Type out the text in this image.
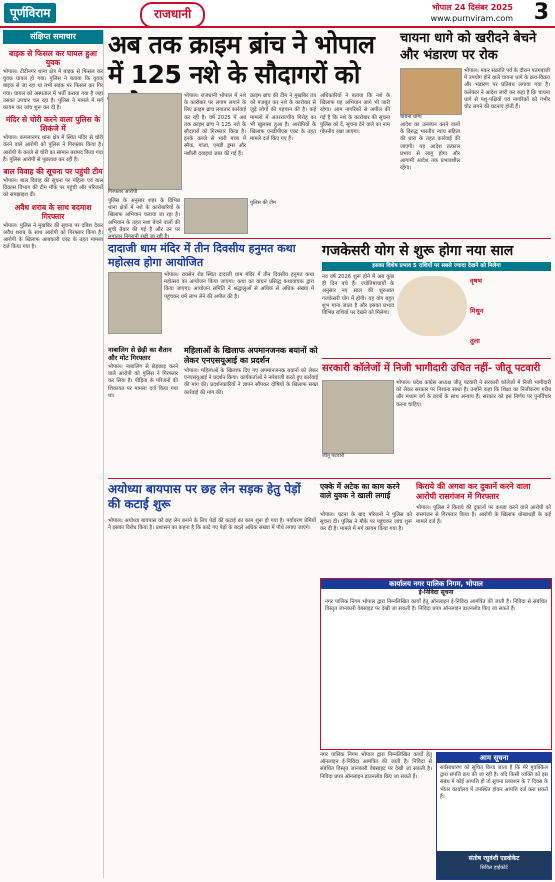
पूर्णविराम	राजधानी	भोपाल 24 दिसंबर 2025
www.purnviram.com 3
बाइक से फिसल कर घायल हुआ युवक

भोपाल। टीटीनगर थाना क्षेत्र में बाइक से फिसल कर युवक घायल हो गया। पुलिस ने बताया कि युवक बाइक से जा रहा था तभी सड़क पर फिसल कर गिर गया। घायल को अस्पताल में भर्ती कराया गया है जहां उसका उपचार चल रहा है। पुलिस ने मामले में मर्ग कायम कर जांच शुरू कर दी है।

मंदिर से चोरी करने वाला पुलिस के शिकंजे में

भोपाल। कमलानगर थाना क्षेत्र में स्थित मंदिर से चोरी करने वाले आरोपी को पुलिस ने गिरफ्तार किया है। आरोपी के कब्जे से चोरी का सामान बरामद किया गया है। पुलिस आरोपी से पूछताछ कर रही है।

बाल विवाह की सूचना पर पहुंची टीम

भोपाल। बाल विवाह की सूचना पर महिला एवं बाल विकास विभाग की टीम मौके पर पहुंची और परिजनों को समझाइश दी।

अवैध शराब के साथ बदमाश गिरफ्तार

भोपाल। पुलिस ने मुखबिर की सूचना पर दबिश देकर अवैध शराब के साथ आरोपी को गिरफ्तार किया है। आरोपी के खिलाफ आबकारी एक्ट के तहत मामला दर्ज किया गया है।

संक्षिप्त समाचार	अब तक क्राइम ब्रांच ने भोपाल में 125 नशे के सौदागरों को
गिरफ्तार आरोपी
भोपाल। राजधानी भोपाल में नशे के कारोबार पर लगाम लगाने के लिए क्राइम ब्रांच लगातार कार्रवाई कर रही है। वर्ष 2025 में अब तक क्राइम ब्रांच ने 125 नशे के सौदागरों को गिरफ्तार किया है। इनके कब्जे से भारी मात्रा में स्मैक, गांजा, एमडी ड्रग्स और नशीली दवाइयां जब्त की गई हैं।
क्राइम ब्रांच की टीम ने मुखबिर तंत्र को मजबूत कर नशे के कारोबार से जुड़े लोगों की पहचान की है। कई मामलों में अंतरराज्यीय गिरोह का भी खुलासा हुआ है। आरोपियों के खिलाफ एनडीपीएस एक्ट के तहत मामले दर्ज किए गए हैं।
अधिकारियों ने बताया कि नशे के खिलाफ यह अभियान आगे भी जारी रहेगा। आम नागरिकों से अपील की गई है कि नशे के कारोबार की सूचना पुलिस को दें, सूचना देने वाले का नाम गोपनीय रखा जाएगा।
पुलिस के अनुसार शहर के विभिन्न थाना क्षेत्रों में नशे के कारोबारियों के खिलाफ अभियान चलाया जा रहा है। अभियान के तहत नशा बेचने वालों की सूची तैयार की गई है और उन पर
पुलिस की टीम
चायना धागे को खरीदने बेचने और भंडारण पर रोक
चायना धागा
भोपाल। मकर संक्रांति पर्व के दौरान पतंगबाजी में उपयोग होने वाले चायना धागे के क्रय-विक्रय और भंडारण पर प्रतिबंध लगाया गया है। कलेक्टर ने आदेश जारी कर कहा है कि चायना धागे से पशु-पक्षियों एवं नागरिकों को गंभीर चोट लगने की घटनाएं होती हैं।
आदेश का उल्लंघन करने वालों के विरुद्ध भारतीय न्याय संहिता की धारा के तहत कार्रवाई की जाएगी। यह आदेश तत्काल प्रभाव से लागू होगा और आगामी आदेश तक प्रभावशील रहेगा।
दादाजी धाम मंदिर में तीन दिवसीय हनुमत कथा महोत्सव होगा आयोजित
भोपाल। रायसेन रोड स्थित दादाजी धाम मंदिर में तीन दिवसीय हनुमत कथा महोत्सव का आयोजन किया जाएगा। कथा का वाचन प्रसिद्ध कथावाचक द्वारा किया जाएगा। आयोजन समिति ने श्रद्धालुओं से अधिक से अधिक संख्या में पहुंचकर धर्म लाभ लेने की अपील की है।
नाबालिग से छेड़ी का शैतान और मोट गिरफ्तार
भोपाल। नाबालिग से छेड़छाड़ करने वाले आरोपी को पुलिस ने गिरफ्तार कर लिया है। पीड़िता के परिजनों की शिकायत पर मामला दर्ज किया गया था।
महिलाओं के खिलाफ अपमानजनक बयानों को लेकर एनएसयूआई का प्रदर्शन
भोपाल। महिलाओं के खिलाफ दिए गए अपमानजनक बयानों को लेकर एनएसयूआई ने प्रदर्शन किया। कार्यकर्ताओं ने नारेबाजी करते हुए कार्रवाई की मांग की। प्रदर्शनकारियों ने ज्ञापन सौंपकर दोषियों के खिलाफ सख्त कार्रवाई की मांग की।
गजकेसरी योग से शुरू होगा नया साल
इसका विशेष प्रभाव 5 राशियों पर सबसे ज्यादा देखने को मिलेगा
नव वर्ष 2026 शुरू होने में अब कुछ ही दिन बचे हैं। ज्योतिषाचार्यों के अनुसार नए साल की शुरुआत गजकेसरी योग में होगी। यह योग बहुत शुभ माना जाता है और इसका प्रभाव विभिन्न राशियों पर देखने को मिलेगा।
वृषभ
मिथुन
तुला
सरकारी कॉलेजों में निजी भागीदारी उचित नहीं- जीतू पटवारी
जीतू पटवारी
भोपाल। प्रदेश कांग्रेस अध्यक्ष जीतू पटवारी ने सरकारी कॉलेजों में निजी भागीदारी को लेकर सरकार पर निशाना साधा है। उन्होंने कहा कि शिक्षा का निजीकरण गरीब और मध्यम वर्ग के छात्रों के साथ अन्याय है। सरकार को इस निर्णय पर पुनर्विचार करना चाहिए।
अयोध्या बायपास पर छह लेन सड़क हेतु पेड़ों की कटाई शुरू
भोपाल। अयोध्या बायपास को छह लेन बनाने के लिए पेड़ों की कटाई का काम शुरू हो गया है। पर्यावरण प्रेमियों ने इसका विरोध किया है। प्रशासन का कहना है कि काटे गए पेड़ों के बदले अधिक संख्या में पौधे लगाए जाएंगे।
एक्के में अटेक का काम करने वाले युवक ने खाली लगाई
भोपाल। घटना के बाद परिजनों ने पुलिस को सूचना दी। पुलिस ने मौके पर पहुंचकर जांच शुरू कर दी है। मामले में मर्ग कायम किया गया है।
किराये की अगवा कर दुकानें करने वाला आरोपी रासगंजन में गिरफ्तार
भोपाल। पुलिस ने किराये की दुकानों पर कब्जा करने वाले आरोपी को रासगंजन से गिरफ्तार किया है। आरोपी के खिलाफ धोखाधड़ी के कई मामले दर्ज हैं।
कार्यालय नगर पालिक निगम, भोपाल
ई-निविदा सूचना
नगर पालिक निगम भोपाल द्वारा निम्नलिखित कार्यों हेतु ऑनलाइन ई-निविदा आमंत्रित की जाती है। निविदा से संबंधित विस्तृत जानकारी वेबसाइट पर देखी जा सकती है। निविदा प्रपत्र ऑनलाइन डाउनलोड किए जा सकते हैं।
आम सूचना
सर्वसाधारण को सूचित किया जाता है कि मेरे मुवक्किल द्वारा संपत्ति क्रय की जा रही है। यदि किसी व्यक्ति को इस संबंध में कोई आपत्ति हो तो सूचना प्रकाशन के 7 दिवस के भीतर कार्यालय में उपस्थित होकर आपत्ति दर्ज करा सकते हैं।
संतोष रघुवंशी एडवोकेट
सिविल हाईकोर्ट
नगर पालिक निगम भोपाल द्वारा निम्नलिखित कार्यों हेतु ऑनलाइन ई-निविदा आमंत्रित की जाती है। निविदा से संबंधित विस्तृत जानकारी वेबसाइट पर देखी जा सकती है। निविदा प्रपत्र ऑनलाइन डाउनलोड किए जा सकते हैं।
